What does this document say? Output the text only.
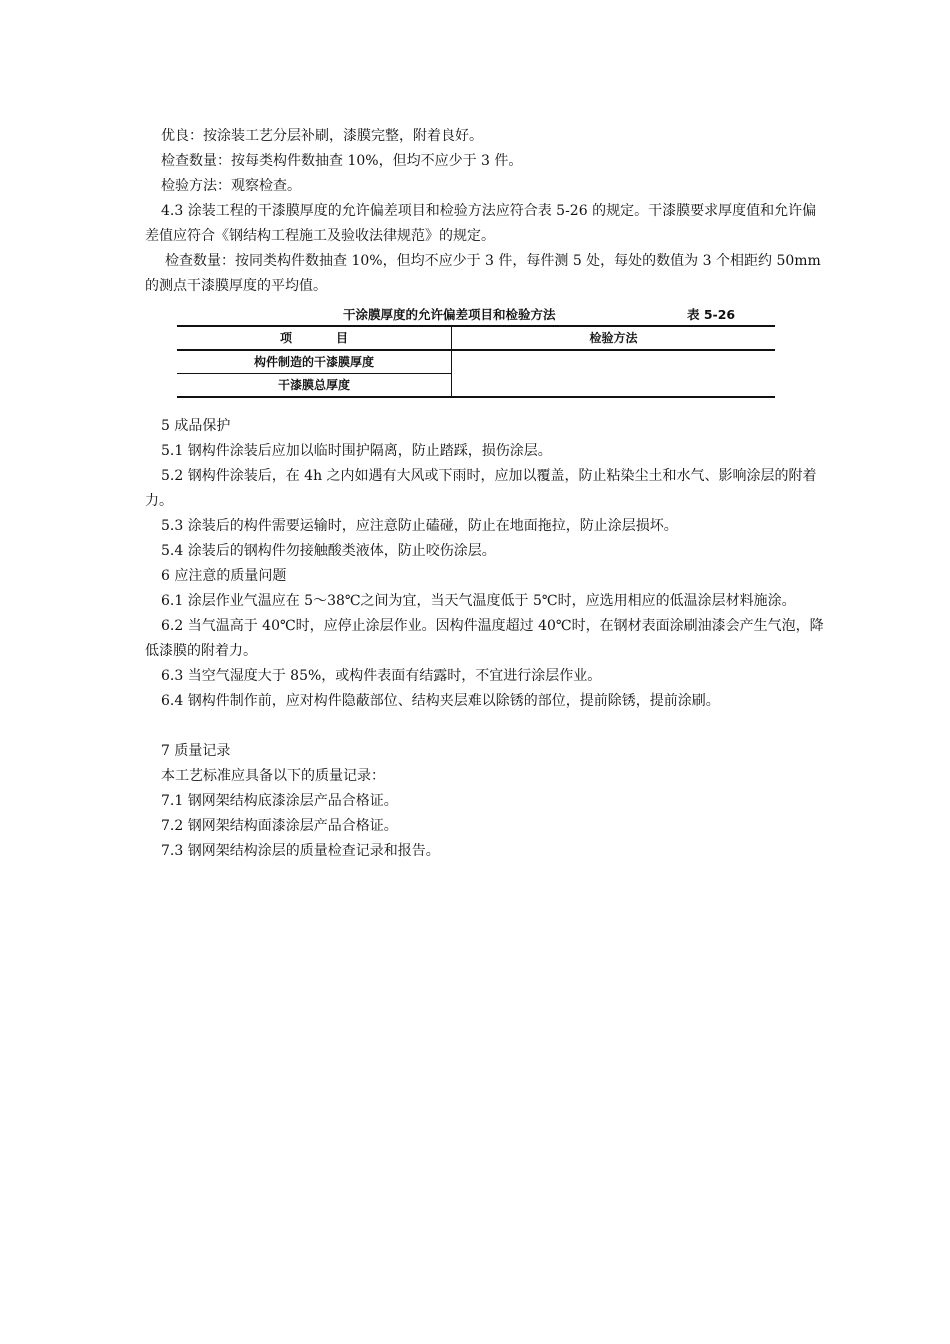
优良：按涂装工艺分层补刷，漆膜完整，附着良好。

检查数量：按每类构件数抽查 10%，但均不应少于 3 件。

检验方法：观察检查。

4.3 涂装工程的干漆膜厚度的允许偏差项目和检验方法应符合表 5-26 的规定。干漆膜要求厚度值和允许偏差值应符合《钢结构工程施工及验收法律规范》的规定。

检查数量：按同类构件数抽查 10%，但均不应少于 3 件，每件测 5 处，每处的数值为 3 个相距约 50mm 的测点干漆膜厚度的平均值。

干涂膜厚度的允许偏差项目和检验方法	表 5-26
项 目	检验方法
构件制造的干漆膜厚度	
干漆膜总厚度	

5 成品保护

5.1 钢构件涂装后应加以临时围护隔离，防止踏踩，损伤涂层。

5.2 钢构件涂装后，在 4h 之内如遇有大风或下雨时，应加以覆盖，防止粘染尘土和水气、影响涂层的附着力。

5.3 涂装后的构件需要运输时，应注意防止磕碰，防止在地面拖拉，防止涂层损坏。

5.4 涂装后的钢构件勿接触酸类液体，防止咬伤涂层。

6 应注意的质量问题

6.1 涂层作业气温应在 5～38℃之间为宜，当天气温度低于 5℃时，应选用相应的低温涂层材料施涂。

6.2 当气温高于 40℃时，应停止涂层作业。因构件温度超过 40℃时，在钢材表面涂刷油漆会产生气泡，降低漆膜的附着力。

6.3 当空气湿度大于 85%，或构件表面有结露时，不宜进行涂层作业。

6.4 钢构件制作前，应对构件隐蔽部位、结构夹层难以除锈的部位，提前除锈，提前涂刷。

7 质量记录

本工艺标准应具备以下的质量记录：

7.1 钢网架结构底漆涂层产品合格证。

7.2 钢网架结构面漆涂层产品合格证。

7.3 钢网架结构涂层的质量检查记录和报告。
